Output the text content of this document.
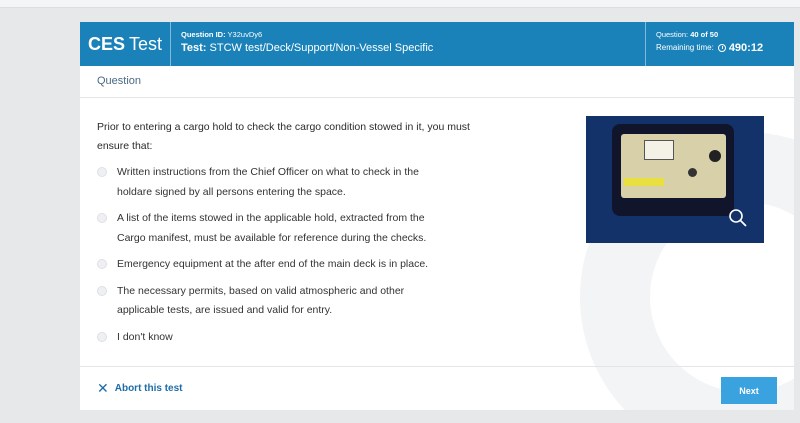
CES Test	Question ID: Y32uvDy6
Test: STCW test/Deck/Support/Non-Vessel Specific
Question: 40 of 50
Remaining time: 490:12
Question
Prior to entering a cargo hold to check the cargo condition stowed in it, you must ensure that:
Written instructions from the Chief Officer on what to check in the holdare signed by all persons entering the space.
A list of the items stowed in the applicable hold, extracted from the Cargo manifest, must be available for reference during the checks.
Emergency equipment at the after end of the main deck is in place.
The necessary permits, based on valid atmospheric and other applicable tests, are issued and valid for entry.
I don't know
✕ Abort this test	Next
